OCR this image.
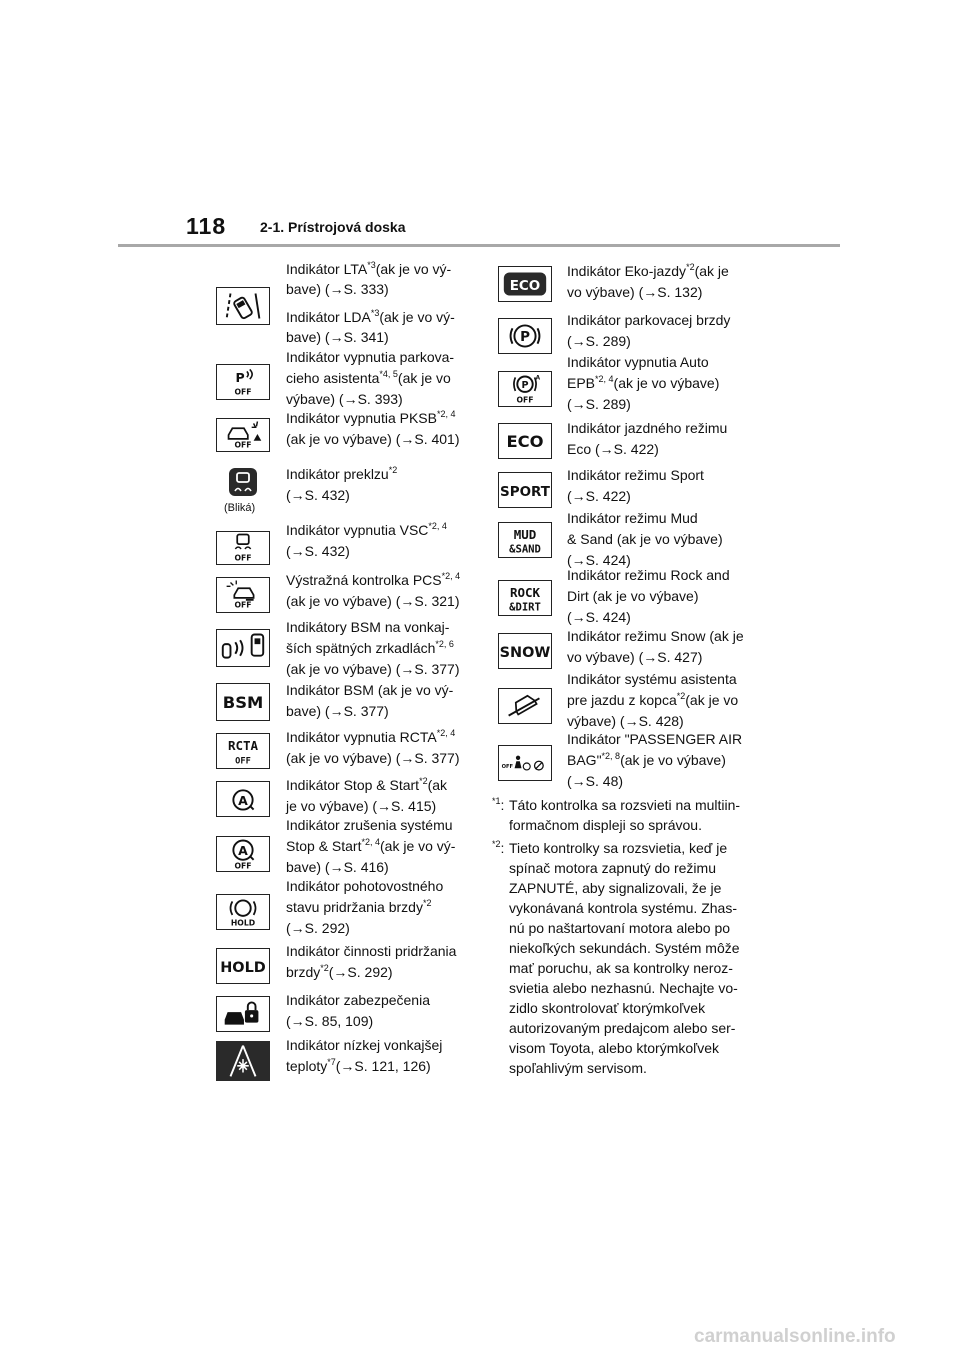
118 2-1. Prístrojová doska
Indikátor LTA$^{*3}$(ak je vo vý-
bave) (→S. 333)
Indikátor LDA$^{*3}$(ak je vo vý-
bave) (→S. 341)
P
OFF
Indikátor vypnutia parkova-
cieho asistenta$^{*4, 5}$(ak je vo
výbave) (→S. 393)
OFF
Indikátor vypnutia PKSB$^{*2, 4}$
(ak je vo výbave) (→S. 401)
(Bliká)
Indikátor preklzu$^{*2}$
(→S. 432)
OFF
Indikátor vypnutia VSC$^{*2, 4}$
(→S. 432)
OFF
Výstražná kontrolka PCS$^{*2, 4}$
(ak je vo výbave) (→S. 321)
Indikátory BSM na vonkaj-
ších spätných zrkadlách$^{*2, 6}$
(ak je vo výbave) (→S. 377)
BSM
Indikátor BSM (ak je vo vý-
bave) (→S. 377)
RCTA
OFF
Indikátor vypnutia RCTA$^{*2, 4}$
(ak je vo výbave) (→S. 377)
A
Indikátor Stop & Start$^{*2}$(ak
je vo výbave) (→S. 415)
A
OFF
Indikátor zrušenia systému
Stop & Start$^{*2, 4}$(ak je vo vý-
bave) (→S. 416)
HOLD
Indikátor pohotovostného
stavu pridržania brzdy$^{*2}$
(→S. 292)
HOLD
Indikátor činnosti pridržania
brzdy$^{*2}$(→S. 292)
Indikátor zabezpečenia
(→S. 85, 109)
Indikátor nízkej vonkajšej
teploty$^{*7}$(→S. 121, 126)
ECO
Indikátor Eko-jazdy$^{*2}$(ak je
vo výbave) (→S. 132)
P
Indikátor parkovacej brzdy
(→S. 289)
P
A
OFF
Indikátor vypnutia Auto
EPB$^{*2, 4}$(ak je vo výbave)
(→S. 289)
ECO
Indikátor jazdného režimu
Eco (→S. 422)
SPORT
Indikátor režimu Sport
(→S. 422)
MUD
&SAND
Indikátor režimu Mud
& Sand (ak je vo výbave)
(→S. 424)
ROCK
&DIRT
Indikátor režimu Rock and
Dirt (ak je vo výbave)
(→S. 424)
SNOW
Indikátor režimu Snow (ak je
vo výbave) (→S. 427)
Indikátor systému asistenta
pre jazdu z kopca$^{*2}$(ak je vo
výbave) (→S. 428)
OFF
Indikátor "PASSENGER AIR
BAG"$^{*2, 8}$(ak je vo výbave)
(→S. 48)
$^{*1}$: Táto kontrolka sa rozsvieti na multiin-
formačnom displeji so správou.
$^{*2}$: Tieto kontrolky sa rozsvietia, keď je
spínač motora zapnutý do režimu
ZAPNUTÉ, aby signalizovali, že je
vykonávaná kontrola systému. Zhas-
nú po naštartovaní motora alebo po
niekoľkých sekundách. Systém môže
mať poruchu, ak sa kontrolky neroz-
svietia alebo nezhasnú. Nechajte vo-
zidlo skontrolovať ktorýmkoľvek
autorizovaným predajcom alebo ser-
visom Toyota, alebo ktorýmkoľvek
spoľahlivým servisom.
carmanualsonline.info
